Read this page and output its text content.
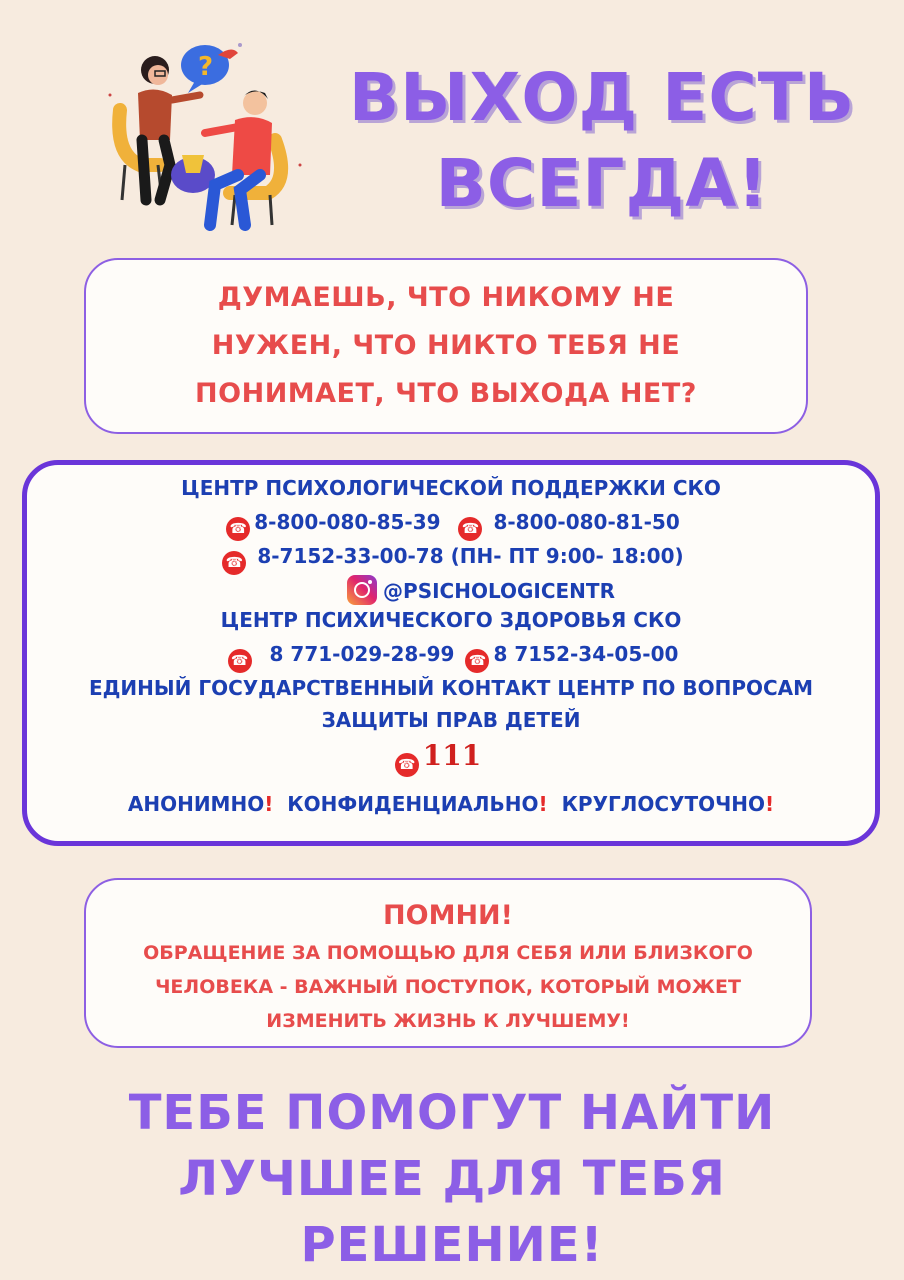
?	ВЫХОД ЕСТЬ
ВСЕГДА!

ДУМАЕШЬ, ЧТО НИКОМУ НЕ
НУЖЕН, ЧТО НИКТО ТЕБЯ НЕ
ПОНИМАЕТ, ЧТО ВЫХОДА НЕТ?

ЦЕНТР ПСИХОЛОГИЧЕСКОЙ ПОДДЕРЖКИ СКО
☎ 8-800-080-85-39 ☎ 8-800-080-81-50
☎ 8-7152-33-00-78 (ПН- ПТ 9:00- 18:00)
@PSICHOLOGICENTR
ЦЕНТР ПСИХИЧЕСКОГО ЗДОРОВЬЯ СКО
☎ 8 771-029-28-99 ☎ 8 7152-34-05-00
ЕДИНЫЙ ГОСУДАРСТВЕННЫЙ КОНТАКТ ЦЕНТР ПО ВОПРОСАМ
ЗАЩИТЫ ПРАВ ДЕТЕЙ
☎ 111
АНОНИМНО! КОНФИДЕНЦИАЛЬНО! КРУГЛОСУТОЧНО!
ПОМНИ!
ОБРАЩЕНИЕ ЗА ПОМОЩЬЮ ДЛЯ СЕБЯ ИЛИ БЛИЗКОГО
ЧЕЛОВЕКА - ВАЖНЫЙ ПОСТУПОК, КОТОРЫЙ МОЖЕТ
ИЗМЕНИТЬ ЖИЗНЬ К ЛУЧШЕМУ!
ТЕБЕ ПОМОГУТ НАЙТИ
ЛУЧШЕЕ ДЛЯ ТЕБЯ
РЕШЕНИЕ!
